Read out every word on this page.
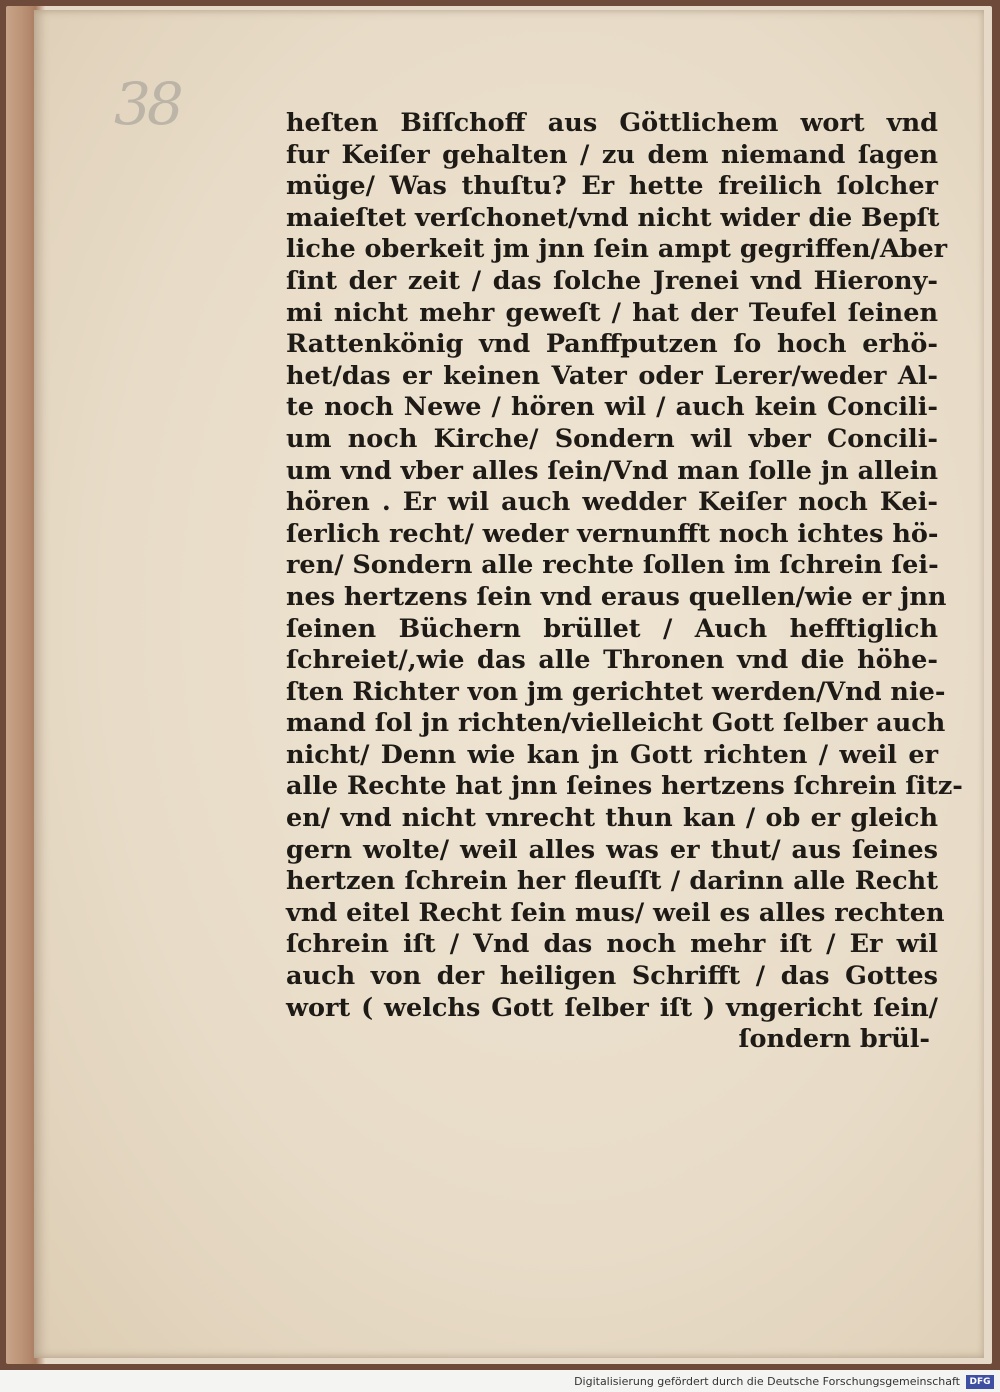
38	heſten Biſſchoff aus Göttlichem wort vnd
fur Keiſer gehalten / zu dem niemand ſagen
müge/ Was thuſtu? Er hette freilich ſolcher
maieſtet verſchonet/vnd nicht wider die Bepſt
liche oberkeit jm jnn ſein ampt gegriffen/Aber
ſint der zeit / das ſolche Jrenei vnd Hierony-
mi nicht mehr geweſt / hat der Teufel ſeinen
Rattenkönig vnd Panffputzen ſo hoch erhö-
het/das er keinen Vater oder Lerer/weder Al-
te noch Newe / hören wil / auch kein Concili-
um noch Kirche/ Sondern wil vber Concili-
um vnd vber alles ſein/Vnd man ſolle jn allein
hören . Er wil auch wedder Keiſer noch Kei-
ſerlich recht/ weder vernunfft noch ichtes hö-
ren/ Sondern alle rechte ſollen im ſchrein ſei-
nes hertzens ſein vnd eraus quellen/wie er jnn
ſeinen Büchern brüllet / Auch hefftiglich
ſchreiet/,wie das alle Thronen vnd die höhe-
ſten Richter von jm gerichtet werden/Vnd nie-
mand ſol jn richten/vielleicht Gott ſelber auch
nicht/ Denn wie kan jn Gott richten / weil er
alle Rechte hat jnn ſeines hertzens ſchrein ſitz-
en/ vnd nicht vnrecht thun kan / ob er gleich
gern wolte/ weil alles was er thut/ aus ſeines
hertzen ſchrein her fleuſſt / darinn alle Recht
vnd eitel Recht ſein mus/ weil es alles rechten
ſchrein iſt / Vnd das noch mehr iſt / Er wil
auch von der heiligen Schrifft / das Gottes
wort ( welchs Gott ſelber iſt ) vngericht ſein/
ſondern brül-
Digitalisierung gefördert durch die Deutsche Forschungsgemeinschaft	DFG
